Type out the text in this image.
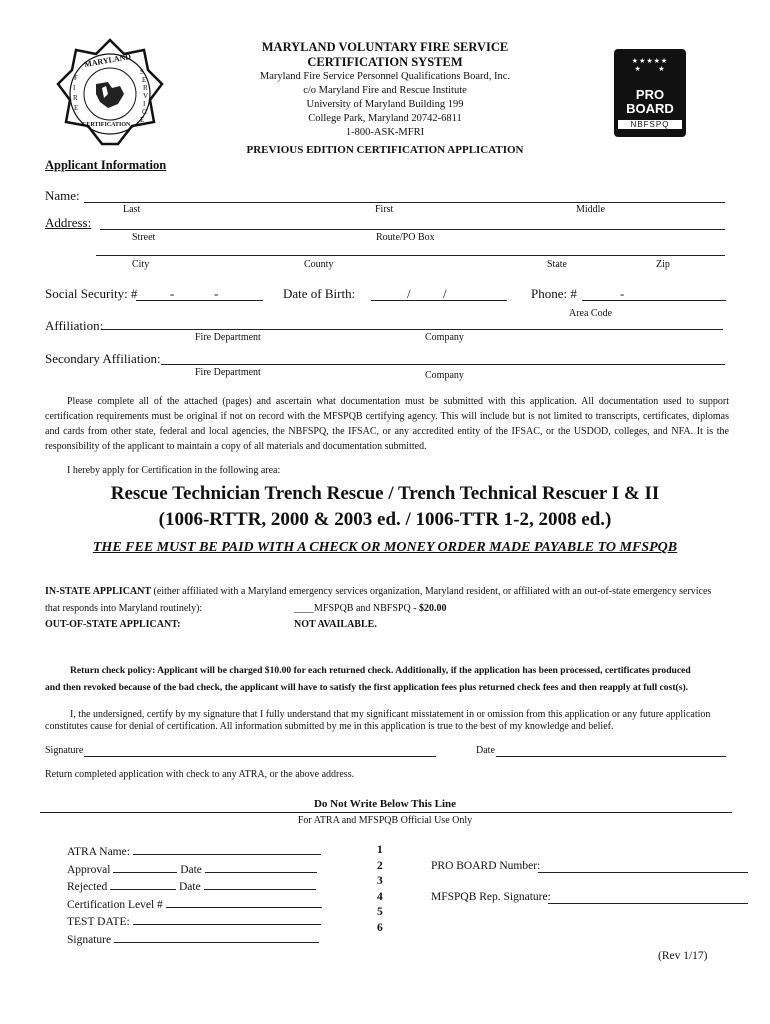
MARYLAND
CERTIFICATION
F
I
R
E
S
E
R
V
I
C
E
MARYLAND VOLUNTARY FIRE SERVICE
CERTIFICATION SYSTEM
Maryland Fire Service Personnel Qualifications Board, Inc.
c/o Maryland Fire and Rescue Institute
University of Maryland Building 199
College Park, Maryland 20742-6811
1-800-ASK-MFRI
★★★★★
★      ★
PRO
BOARD
NBFSPQ
PREVIOUS EDITION CERTIFICATION APPLICATION
Applicant Information
Name:
Last	First	Middle
Address:
Street	Route/PO Box
City	County	State	Zip
Social Security: #	-	-	Date of Birth:	/ /	Phone: #	-
Area Code
Affiliation:
Fire Department	Company
Secondary Affiliation:
Fire Department	Company
Please complete all of the attached (pages) and ascertain what documentation must be submitted with this application. All documentation used to support certification requirements must be original if not on record with the MFSPQB certifying agency. This will include but is not limited to transcripts, certificates, diplomas and cards from other state, federal and local agencies, the NBFSPQ, the IFSAC, or any accredited entity of the IFSAC, or the USDOD, colleges, and NFA. It is the responsibility of the applicant to maintain a copy of all materials and documentation submitted.
I hereby apply for Certification in the following area:
Rescue Technician Trench Rescue / Trench Technical Rescuer I & II
(1006-RTTR, 2000 & 2003 ed. / 1006-TTR 1-2, 2008 ed.)
THE FEE MUST BE PAID WITH A CHECK OR MONEY ORDER MADE PAYABLE TO MFSPQB
IN-STATE APPLICANT (either affiliated with a Maryland emergency services organization, Maryland resident, or affiliated with an out-of-state emergency services
that responds into Maryland routinely):	____MFSPQB and NBFSPQ - $20.00
OUT-OF-STATE APPLICANT:	NOT AVAILABLE.
Return check policy: Applicant will be charged $10.00 for each returned check. Additionally, if the application has been processed, certificates produced
and then revoked because of the bad check, the applicant will have to satisfy the first application fees plus returned check fees and then reapply at full cost(s).
I, the undersigned, certify by my signature that I fully understand that my significant misstatement in or omission from this application or any future application
constitutes cause for denial of certification. All information submitted by me in this application is true to the best of my knowledge and belief.
Signature	Date
Return completed application with check to any ATRA, or the above address.
Do Not Write Below This Line
For ATRA and MFSPQB Official Use Only
ATRA Name:
Approval	Date
Rejected	Date
Certification Level #
TEST DATE:
Signature
1
2
3
4
5
6
PRO BOARD Number:
MFSPQB Rep. Signature:
(Rev 1/17)
